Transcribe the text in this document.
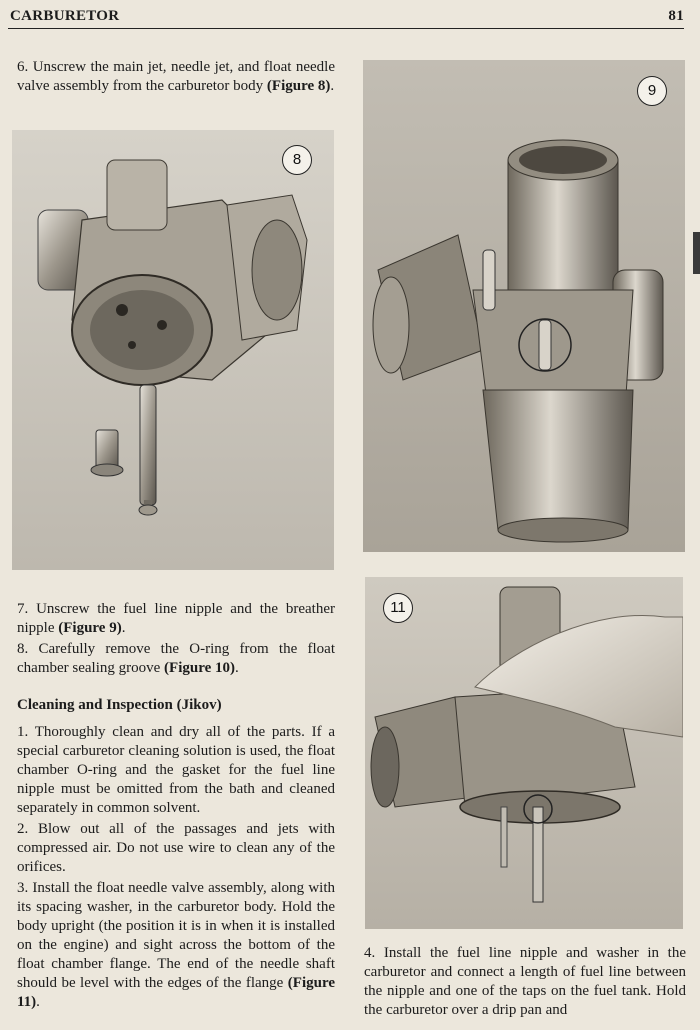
CARBURETOR	81

6. Unscrew the main jet, needle jet, and float needle valve assembly from the carburetor body (Figure 8).

8
9

7. Unscrew the fuel line nipple and the breather nipple (Figure 9).

8. Carefully remove the O-ring from the float chamber sealing groove (Figure 10).

Cleaning and Inspection (Jikov)

1. Thoroughly clean and dry all of the parts. If a special carburetor cleaning solution is used, the float chamber O-ring and the gasket for the fuel line nipple must be omitted from the bath and cleaned separately in common solvent.

2. Blow out all of the passages and jets with compressed air. Do not use wire to clean any of the orifices.

3. Install the float needle valve assembly, along with its spacing washer, in the carburetor body. Hold the body upright (the position it is in when it is installed on the engine) and sight across the bottom of the float chamber flange. The end of the needle shaft should be level with the edges of the flange (Figure 11).

11

4. Install the fuel line nipple and washer in the carburetor and connect a length of fuel line between the nipple and one of the taps on the fuel tank. Hold the carburetor over a drip pan and
